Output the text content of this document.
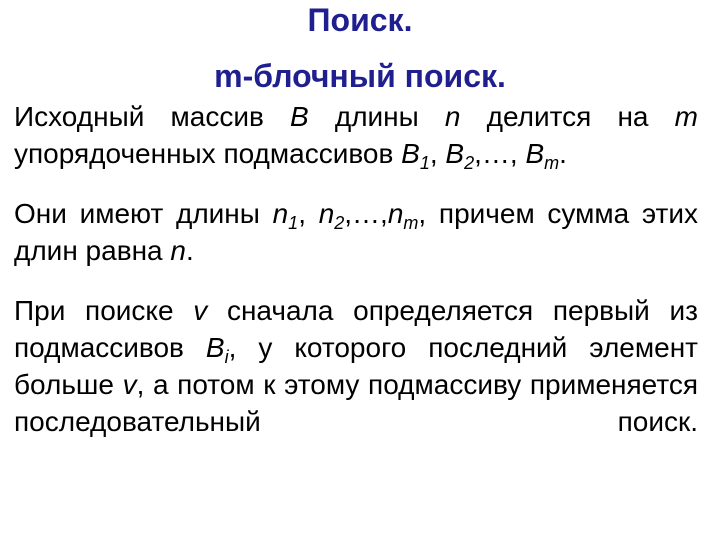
Поиск.
m-блочный поиск.
Исходный массив B длины n делится на m упорядоченных подмассивов $B_1$, $B_2,\dots$, $B_m$.
Они имеют длины $n_1$, $n_2,\dots,n_m$, причем сумма этих длин равна n.
При поиске v сначала определяется первый из подмассивов $B_i$, у которого последний элемент больше v, а потом к этому подмассиву применяется последовательный поиск.
